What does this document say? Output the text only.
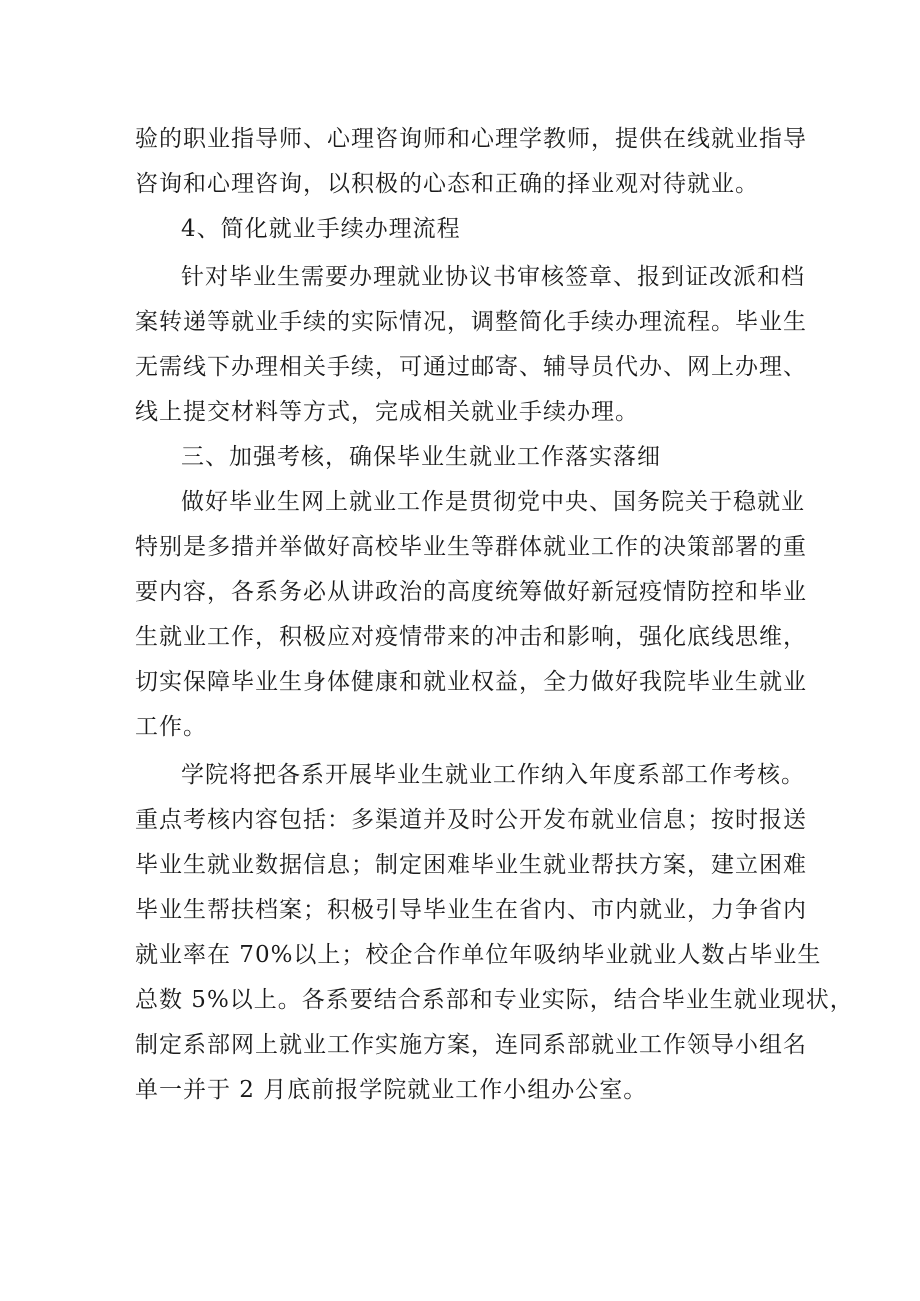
验的职业指导师、心理咨询师和心理学教师，提供在线就业指导
咨询和心理咨询，以积极的心态和正确的择业观对待就业。
4、简化就业手续办理流程
针对毕业生需要办理就业协议书审核签章、报到证改派和档
案转递等就业手续的实际情况，调整简化手续办理流程。毕业生
无需线下办理相关手续，可通过邮寄、辅导员代办、网上办理、
线上提交材料等方式，完成相关就业手续办理。
三、加强考核，确保毕业生就业工作落实落细
做好毕业生网上就业工作是贯彻党中央、国务院关于稳就业
特别是多措并举做好高校毕业生等群体就业工作的决策部署的重
要内容，各系务必从讲政治的高度统筹做好新冠疫情防控和毕业
生就业工作，积极应对疫情带来的冲击和影响，强化底线思维，
切实保障毕业生身体健康和就业权益，全力做好我院毕业生就业
工作。
学院将把各系开展毕业生就业工作纳入年度系部工作考核。
重点考核内容包括：多渠道并及时公开发布就业信息；按时报送
毕业生就业数据信息；制定困难毕业生就业帮扶方案，建立困难
毕业生帮扶档案；积极引导毕业生在省内、市内就业，力争省内
就业率在 70%以上；校企合作单位年吸纳毕业就业人数占毕业生
总数 5%以上。各系要结合系部和专业实际，结合毕业生就业现状，
制定系部网上就业工作实施方案，连同系部就业工作领导小组名
单一并于 2 月底前报学院就业工作小组办公室。
